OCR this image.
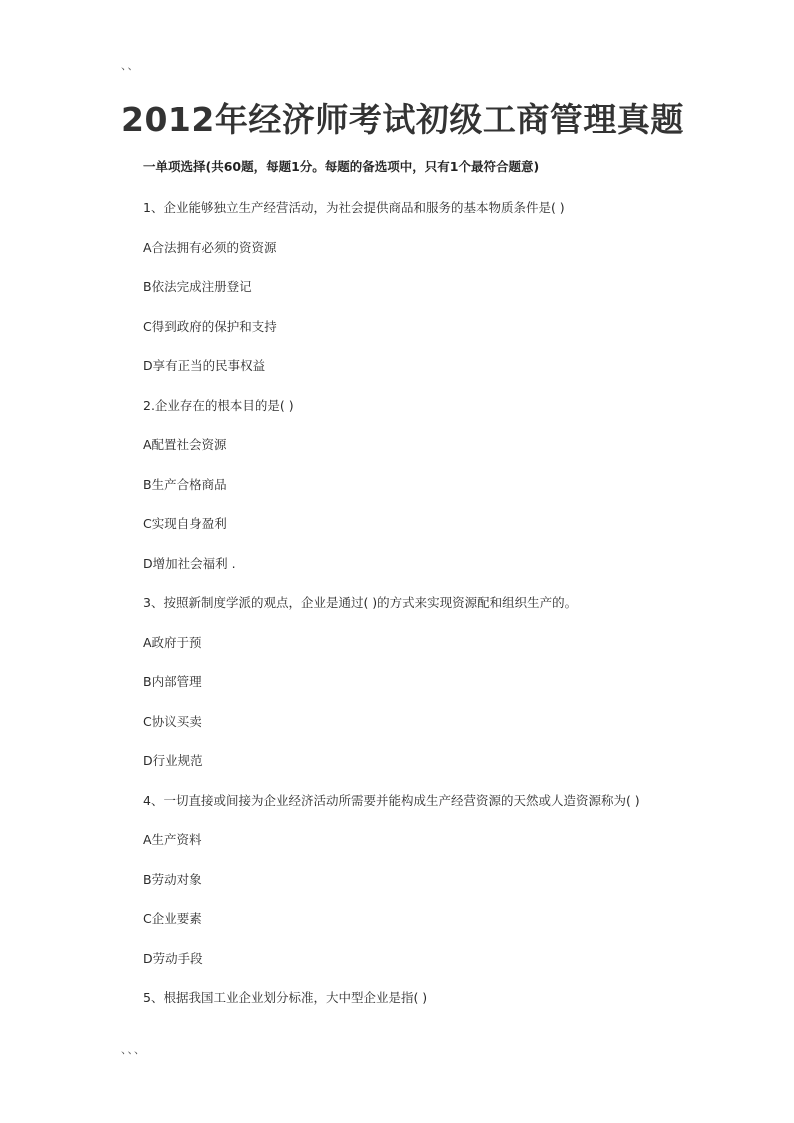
、、
2012年经济师考试初级工商管理真题

一单项选择(共60题，每题1分。每题的备选项中，只有1个最符合题意)

1、企业能够独立生产经营活动，为社会提供商品和服务的基本物质条件是( )
A合法拥有必须的资资源
B依法完成注册登记
C得到政府的保护和支持
D享有正当的民事权益
2.企业存在的根本目的是( )
A配置社会资源
B生产合格商品
C实现自身盈利
D增加社会福利 .
3、按照新制度学派的观点，企业是通过( )的方式来实现资源配和组织生产的。
A政府于预
B内部管理
C协议买卖
D行业规范
4、一切直接或间接为企业经济活动所需要并能构成生产经营资源的天然或人造资源称为( )
A生产资料
B劳动对象
C企业要素
D劳动手段
5、根据我国工业企业划分标准，大中型企业是指( )
、、、
